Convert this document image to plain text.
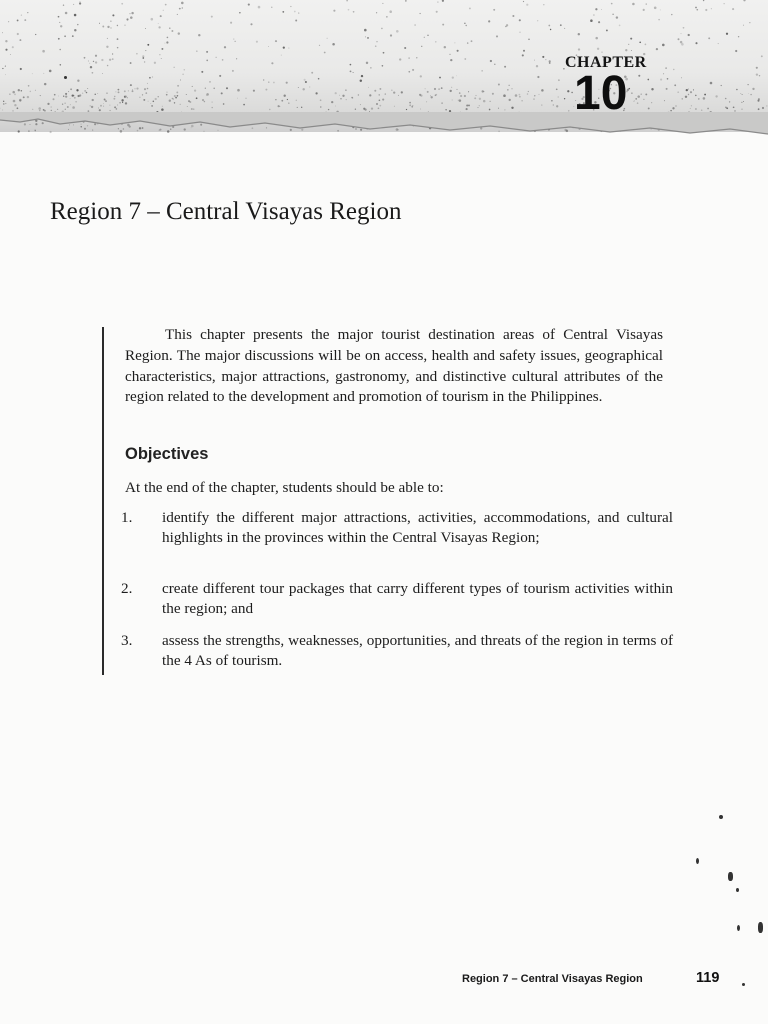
CHAPTER
10
Region 7 – Central Visayas Region

This chapter presents the major tourist destination areas of Central Visayas Region. The major discussions will be on access, health and safety issues, geographical characteristics, major attractions, gastronomy, and distinctive cultural attributes of the region related to the development and promotion of tourism in the Philippines.

Objectives

At the end of the chapter, students should be able to:

1.	identify the different major attractions, activities, accommodations, and cultural highlights in the provinces within the Central Visayas Region;

2.	create different tour packages that carry different types of tourism activities within the region; and

3.	assess the strengths, weaknesses, opportunities, and threats of the region in terms of the 4 As of tourism.

Region 7 – Central Visayas Region	119
